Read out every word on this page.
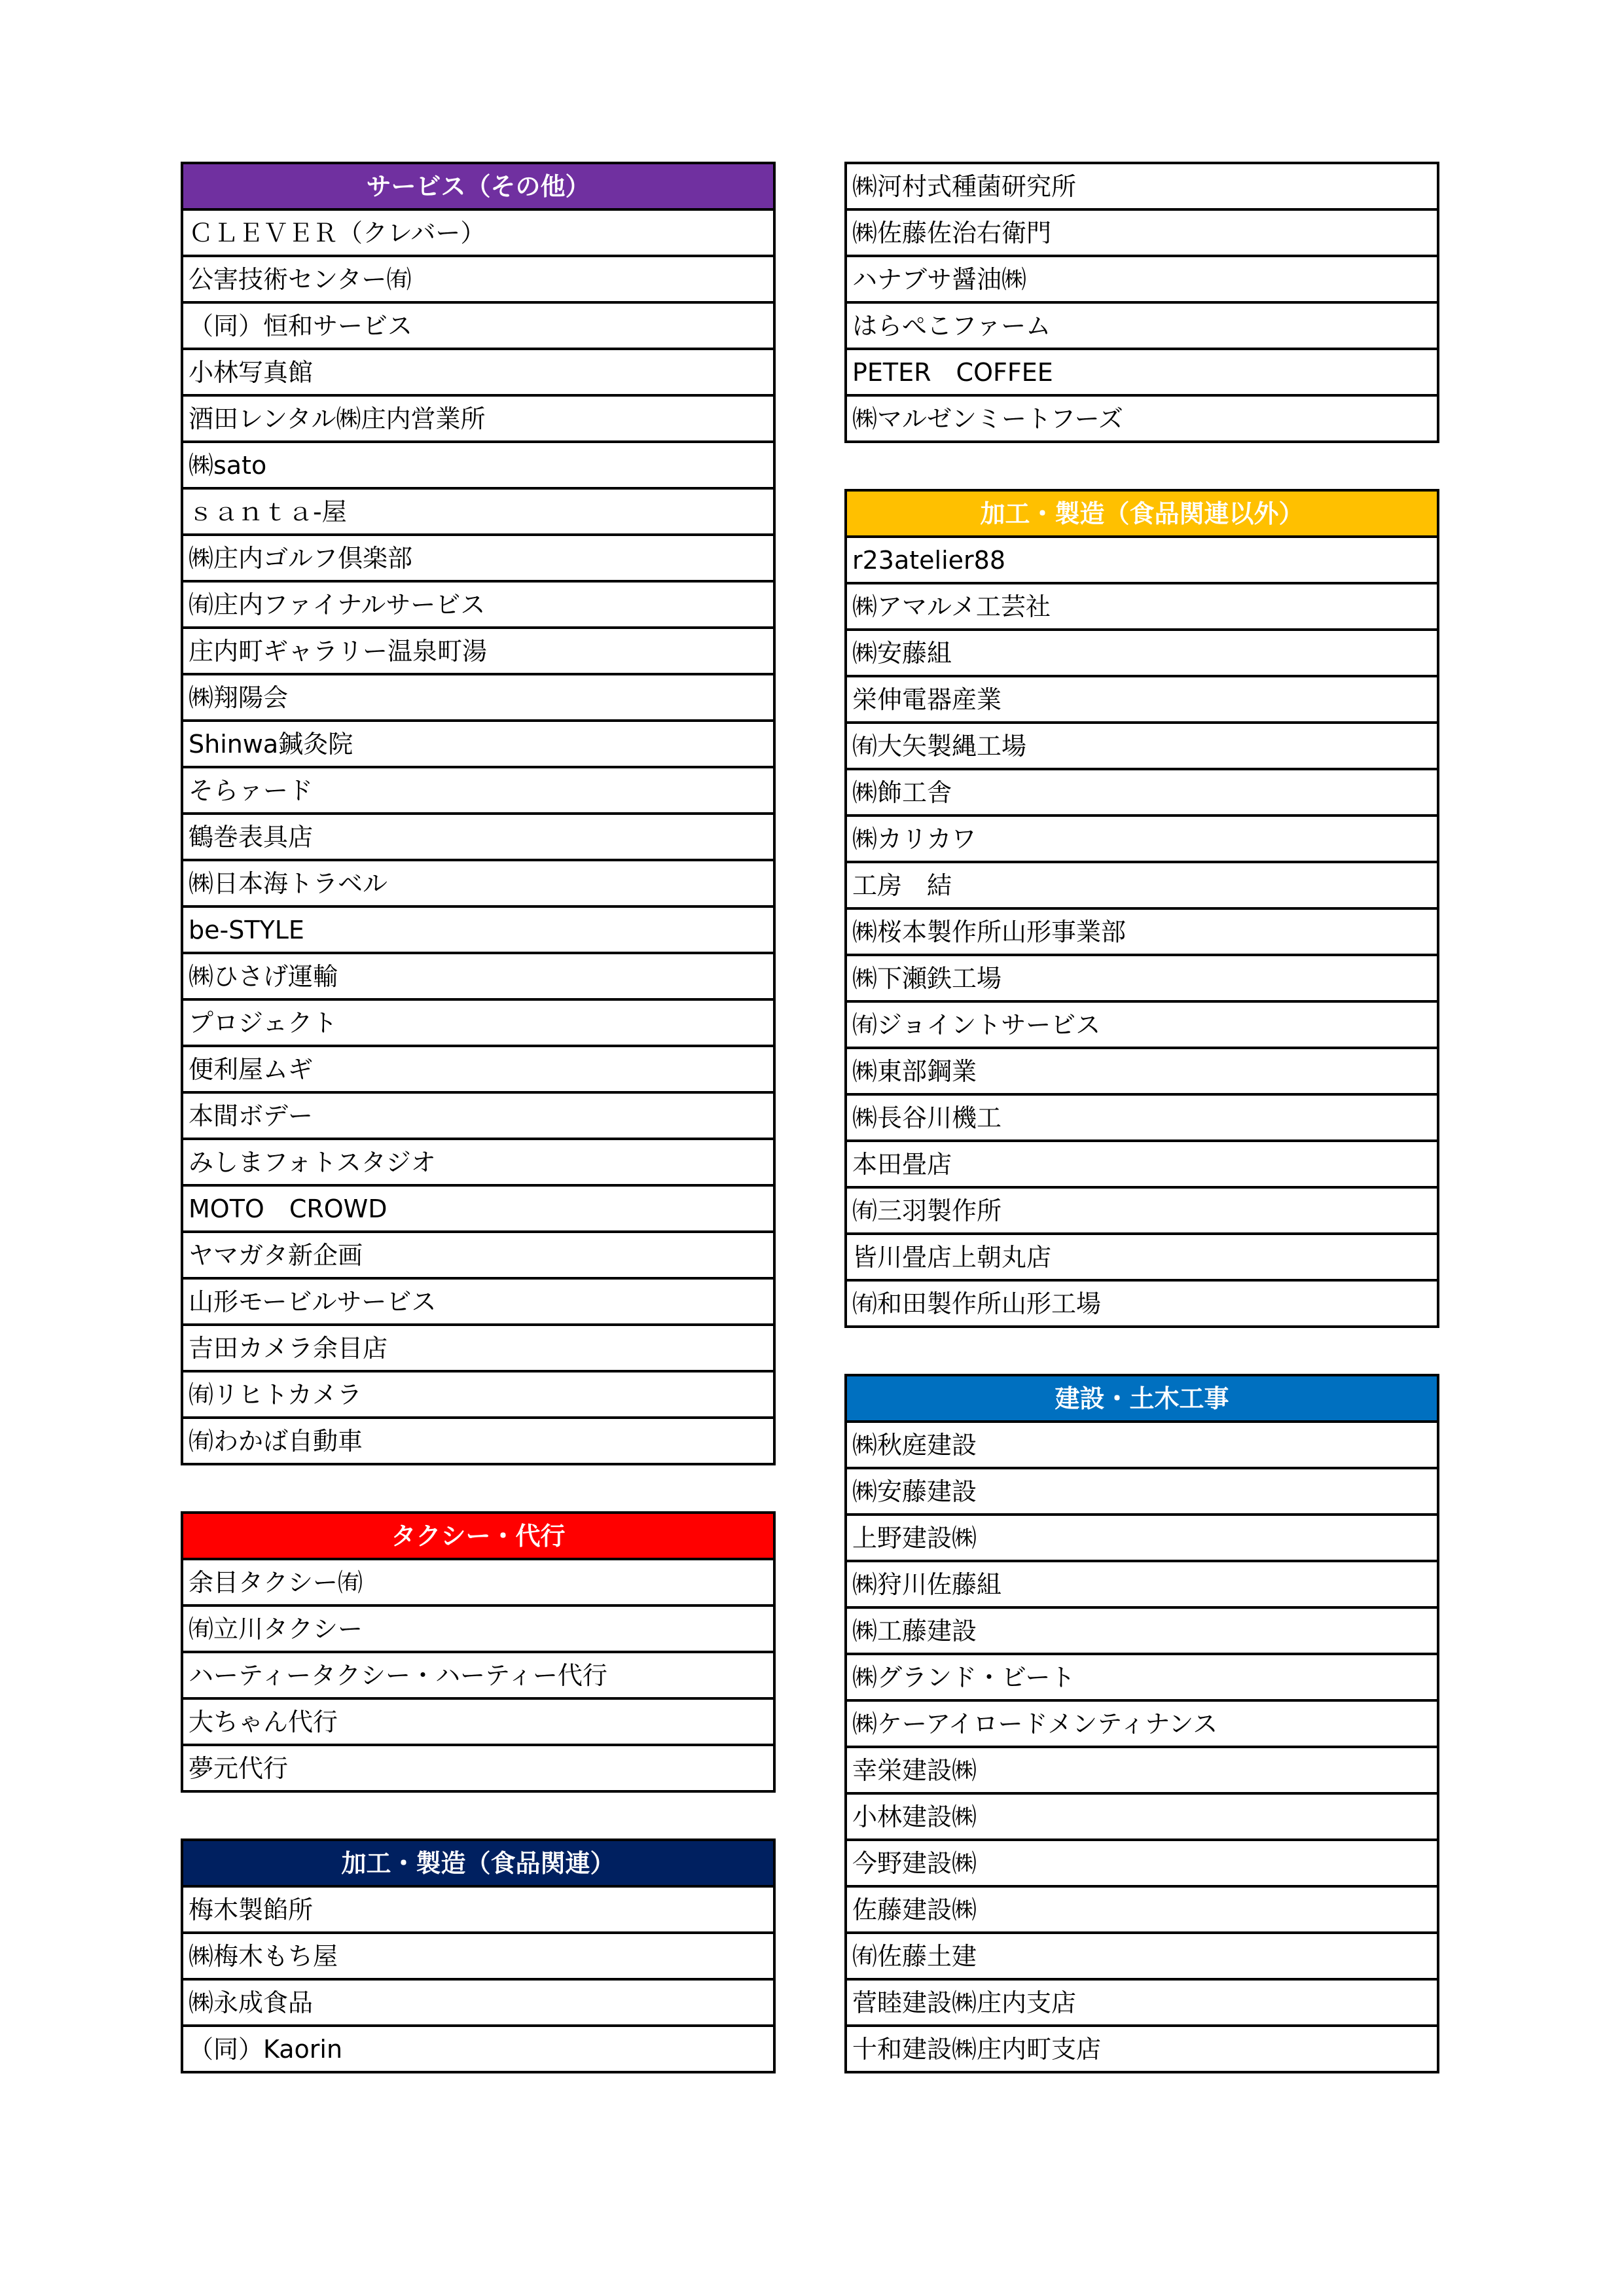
サービス（その他）
ＣＬＥＶＥＲ（クレバー）
公害技術センター㈲
（同）恒和サービス
小林写真館
酒田レンタル㈱庄内営業所
㈱sato
ｓａｎｔａ-屋
㈱庄内ゴルフ倶楽部
㈲庄内ファイナルサービス
庄内町ギャラリー温泉町湯
㈱翔陽会
Shinwa鍼灸院
そらァード
鶴巻表具店
㈱日本海トラベル
be-STYLE
㈱ひさげ運輸
プロジェクト
便利屋ムギ
本間ボデー
みしまフォトスタジオ
MOTO　CROWD
ヤマガタ新企画
山形モービルサービス
吉田カメラ余目店
㈲リヒトカメラ
㈲わかば自動車
タクシー・代行
余目タクシー㈲
㈲立川タクシー
ハーティータクシー・ハーティー代行
大ちゃん代行
夢元代行
加工・製造（食品関連）
梅木製餡所
㈱梅木もち屋
㈱永成食品
（同）Kaorin
㈱河村式種菌研究所
㈱佐藤佐治右衛門
ハナブサ醤油㈱
はらぺこファーム
PETER　COFFEE
㈱マルゼンミートフーズ
加工・製造（食品関連以外）
r23atelier88
㈱アマルメ工芸社
㈱安藤組
栄伸電器産業
㈲大矢製縄工場
㈱飾工舎
㈱カリカワ
工房　結
㈱桜本製作所山形事業部
㈱下瀬鉄工場
㈲ジョイントサービス
㈱東部鋼業
㈱長谷川機工
本田畳店
㈲三羽製作所
皆川畳店上朝丸店
㈲和田製作所山形工場
建設・土木工事
㈱秋庭建設
㈱安藤建設
上野建設㈱
㈱狩川佐藤組
㈱工藤建設
㈱グランド・ビート
㈱ケーアイロードメンティナンス
幸栄建設㈱
小林建設㈱
今野建設㈱
佐藤建設㈱
㈲佐藤土建
菅睦建設㈱庄内支店
十和建設㈱庄内町支店
